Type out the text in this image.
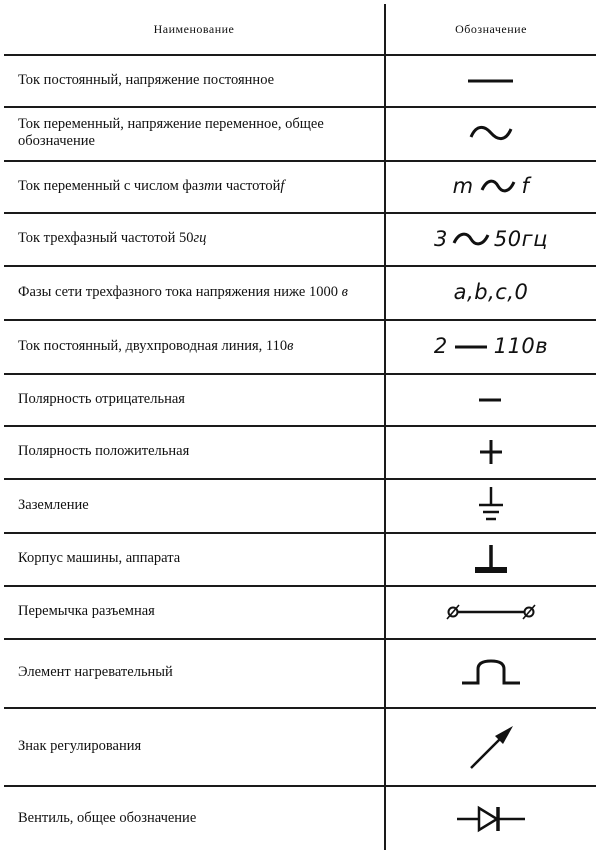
Наименование	Обозначение
Ток постоянный, напряжение постоянное
Ток переменный, напряжение переменное, общее обозначение
Ток переменный с числом фаз m и частотой f	m f
Ток трехфазный частотой 50 гц	3 50гц
Фазы сети трехфазного тока напряжения ниже 1000 в	a,b,c,0
Ток постоянный, двухпроводная линия, 110 в	2 110в
Полярность отрицательная
Полярность положительная
Заземление
Корпус машины, аппарата
Перемычка разъемная
Элемент нагревательный
Знак регулирования
Вентиль, общее обозначение
